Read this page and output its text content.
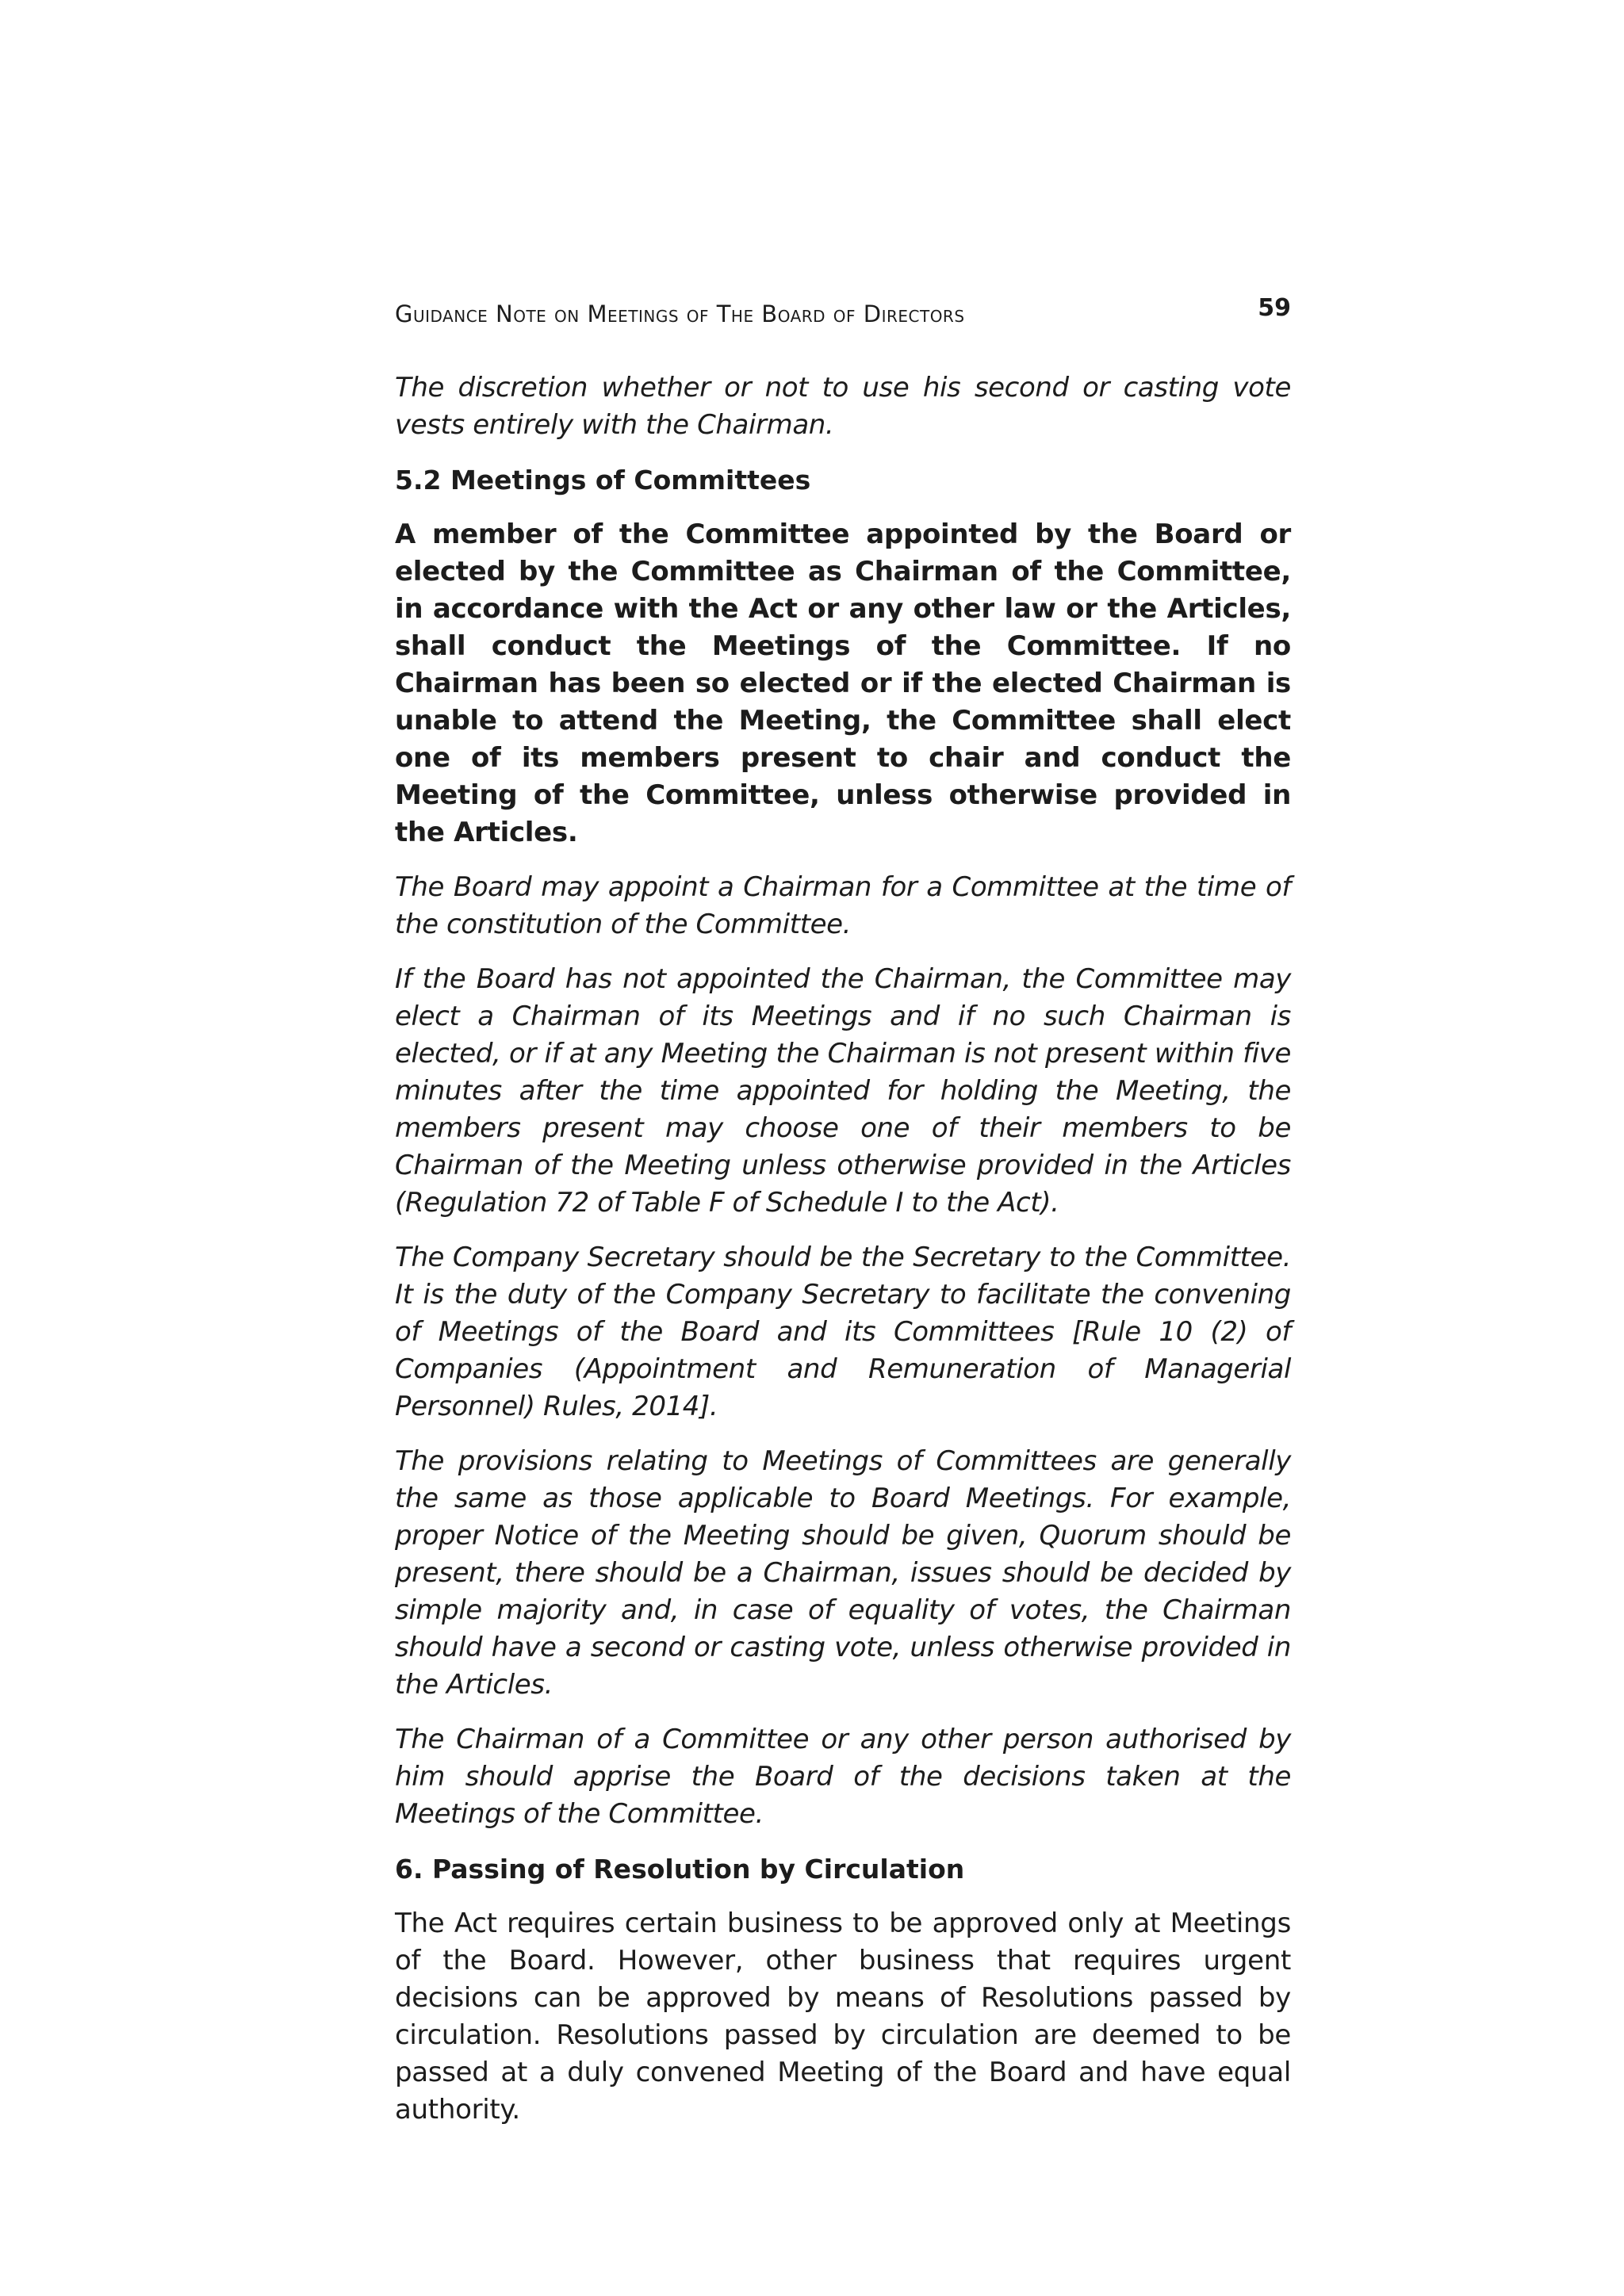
Guidance Note on Meetings of The Board of Directors	59

The discretion whether or not to use his second or casting vote vests entirely with the Chairman.

5.2 Meetings of Committees

A member of the Committee appointed by the Board or elected by the Committee as Chairman of the Committee, in accordance with the Act or any other law or the Articles, shall conduct the Meetings of the Committee. If no Chairman has been so elected or if the elected Chairman is unable to attend the Meeting, the Committee shall elect one of its members present to chair and conduct the Meeting of the Committee, unless otherwise provided in the Articles.

The Board may appoint a Chairman for a Committee at the time of the constitution of the Committee.

If the Board has not appointed the Chairman, the Committee may elect a Chairman of its Meetings and if no such Chairman is elected, or if at any Meeting the Chairman is not present within five minutes after the time appointed for holding the Meeting, the members present may choose one of their members to be Chairman of the Meeting unless otherwise provided in the Articles (Regulation 72 of Table F of Schedule I to the Act).

The Company Secretary should be the Secretary to the Committee. It is the duty of the Company Secretary to facilitate the convening of Meetings of the Board and its Committees [Rule 10 (2) of Companies (Appointment and Remuneration of Managerial Personnel) Rules, 2014].

The provisions relating to Meetings of Committees are generally the same as those applicable to Board Meetings. For example, proper Notice of the Meeting should be given, Quorum should be present, there should be a Chairman, issues should be decided by simple majority and, in case of equality of votes, the Chairman should have a second or casting vote, unless otherwise provided in the Articles.

The Chairman of a Committee or any other person authorised by him should apprise the Board of the decisions taken at the Meetings of the Committee.

6. Passing of Resolution by Circulation

The Act requires certain business to be approved only at Meetings of the Board. However, other business that requires urgent decisions can be approved by means of Resolutions passed by circulation. Resolutions passed by circulation are deemed to be passed at a duly convened Meeting of the Board and have equal authority.
